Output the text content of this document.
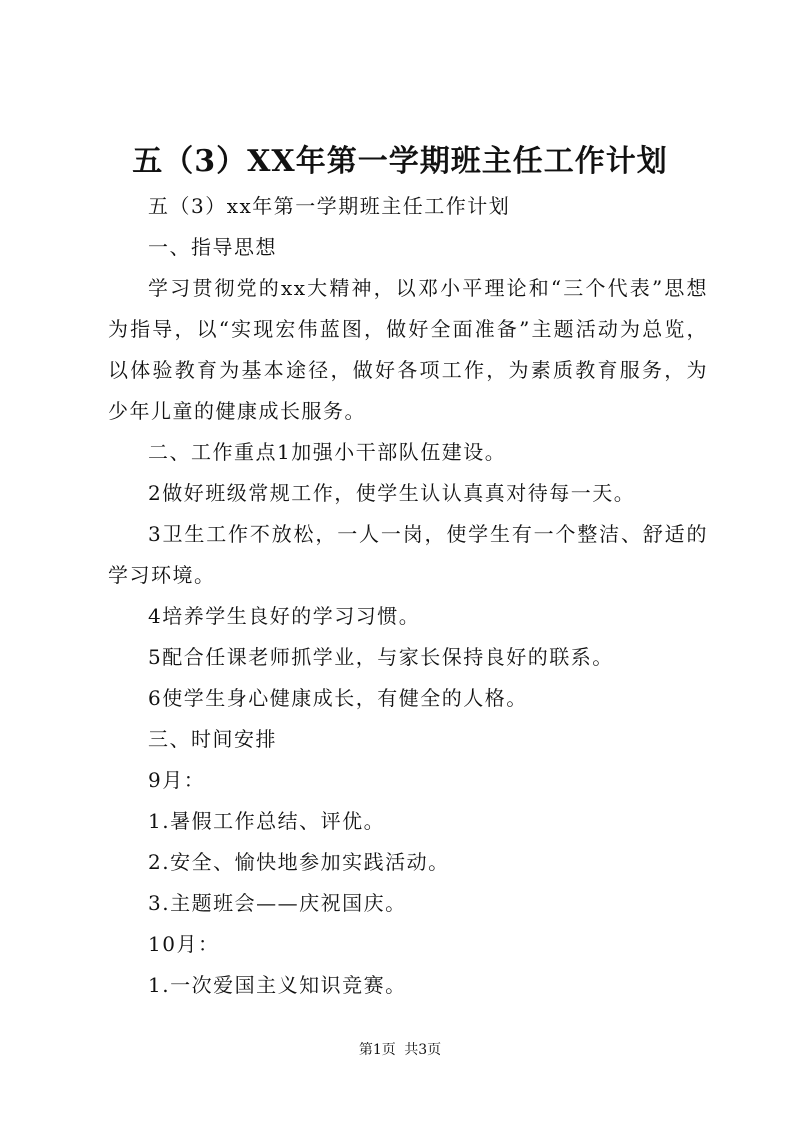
五（3）XX年第一学期班主任工作计划

五（3）xx年第一学期班主任工作计划

一、指导思想

学习贯彻党的xx大精神，以邓小平理论和“三个代表”思想为指导，以“实现宏伟蓝图，做好全面准备”主题活动为总览，以体验教育为基本途径，做好各项工作，为素质教育服务，为少年儿童的健康成长服务。

二、工作重点1加强小干部队伍建设。

2做好班级常规工作，使学生认认真真对待每一天。

3卫生工作不放松，一人一岗，使学生有一个整洁、舒适的学习环境。

4培养学生良好的学习习惯。

5配合任课老师抓学业，与家长保持良好的联系。

6使学生身心健康成长，有健全的人格。

三、时间安排

9月：

1.暑假工作总结、评优。

2.安全、愉快地参加实践活动。

3.主题班会——庆祝国庆。

10月：

1.一次爱国主义知识竞赛。

第1页 共3页
